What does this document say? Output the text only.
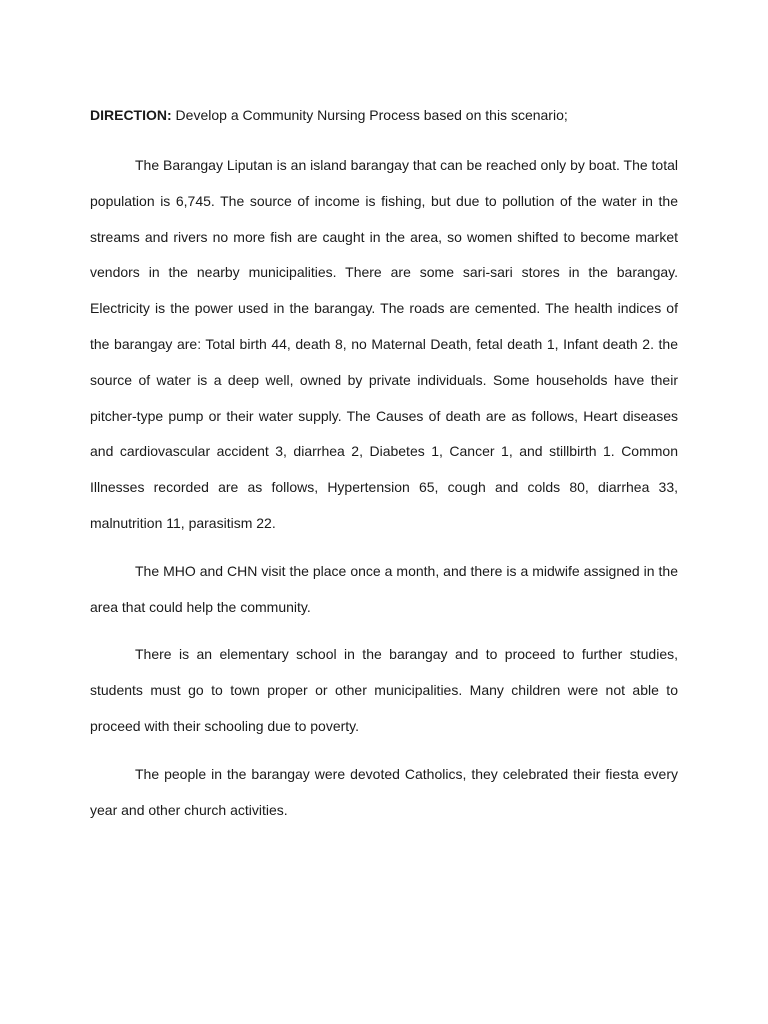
DIRECTION: Develop a Community Nursing Process based on this scenario;

The Barangay Liputan is an island barangay that can be reached only by boat. The total population is 6,745. The source of income is fishing, but due to pollution of the water in the streams and rivers no more fish are caught in the area, so women shifted to become market vendors in the nearby municipalities. There are some sari-sari stores in the barangay. Electricity is the power used in the barangay. The roads are cemented. The health indices of the barangay are: Total birth 44, death 8, no Maternal Death, fetal death 1, Infant death 2. the source of water is a deep well, owned by private individuals. Some households have their pitcher-type pump or their water supply. The Causes of death are as follows, Heart diseases and cardiovascular accident 3, diarrhea 2, Diabetes 1, Cancer 1, and stillbirth 1. Common Illnesses recorded are as follows, Hypertension 65, cough and colds 80, diarrhea 33, malnutrition 11, parasitism 22.

The MHO and CHN visit the place once a month, and there is a midwife assigned in the area that could help the community.

There is an elementary school in the barangay and to proceed to further studies, students must go to town proper or other municipalities. Many children were not able to proceed with their schooling due to poverty.

The people in the barangay were devoted Catholics, they celebrated their fiesta every year and other church activities.
